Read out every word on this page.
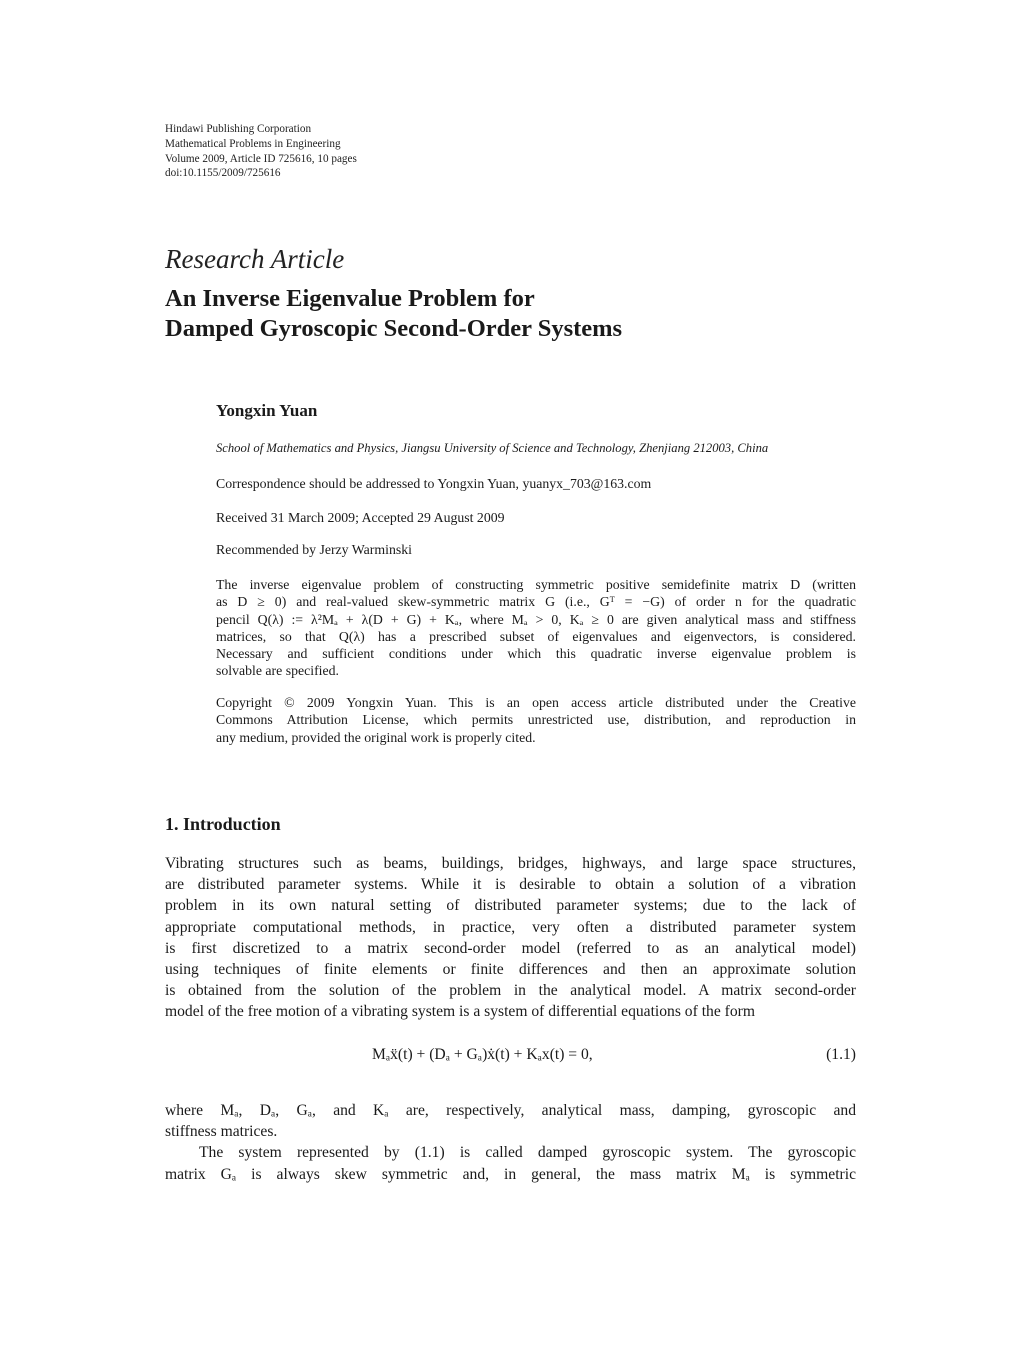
Hindawi Publishing Corporation
Mathematical Problems in Engineering
Volume 2009, Article ID 725616, 10 pages
doi:10.1155/2009/725616
Research Article
An Inverse Eigenvalue Problem for
Damped Gyroscopic Second-Order Systems
Yongxin Yuan
School of Mathematics and Physics, Jiangsu University of Science and Technology, Zhenjiang 212003, China
Correspondence should be addressed to Yongxin Yuan, yuanyx_703@163.com
Received 31 March 2009; Accepted 29 August 2009
Recommended by Jerzy Warminski
The inverse eigenvalue problem of constructing symmetric positive semidefinite matrix D (written
as D ≥ 0) and real-valued skew-symmetric matrix G (i.e., Gᵀ = −G) of order n for the quadratic
pencil Q(λ) := λ²Mₐ + λ(D + G) + Kₐ, where Mₐ > 0, Kₐ ≥ 0 are given analytical mass and stiffness
matrices, so that Q(λ) has a prescribed subset of eigenvalues and eigenvectors, is considered.
Necessary and sufficient conditions under which this quadratic inverse eigenvalue problem is
solvable are specified.
Copyright © 2009 Yongxin Yuan. This is an open access article distributed under the Creative
Commons Attribution License, which permits unrestricted use, distribution, and reproduction in
any medium, provided the original work is properly cited.
1. Introduction
Vibrating structures such as beams, buildings, bridges, highways, and large space structures,
are distributed parameter systems. While it is desirable to obtain a solution of a vibration
problem in its own natural setting of distributed parameter systems; due to the lack of
appropriate computational methods, in practice, very often a distributed parameter system
is first discretized to a matrix second-order model (referred to as an analytical model)
using techniques of finite elements or finite differences and then an approximate solution
is obtained from the solution of the problem in the analytical model. A matrix second-order
model of the free motion of a vibrating system is a system of differential equations of the form
Mₐẍ(t) + (Dₐ + Gₐ)ẋ(t) + Kₐx(t) = 0,	(1.1)
where Mₐ, Dₐ, Gₐ, and Kₐ are, respectively, analytical mass, damping, gyroscopic and
stiffness matrices.
The system represented by (1.1) is called damped gyroscopic system. The gyroscopic
matrix Gₐ is always skew symmetric and, in general, the mass matrix Mₐ is symmetric
